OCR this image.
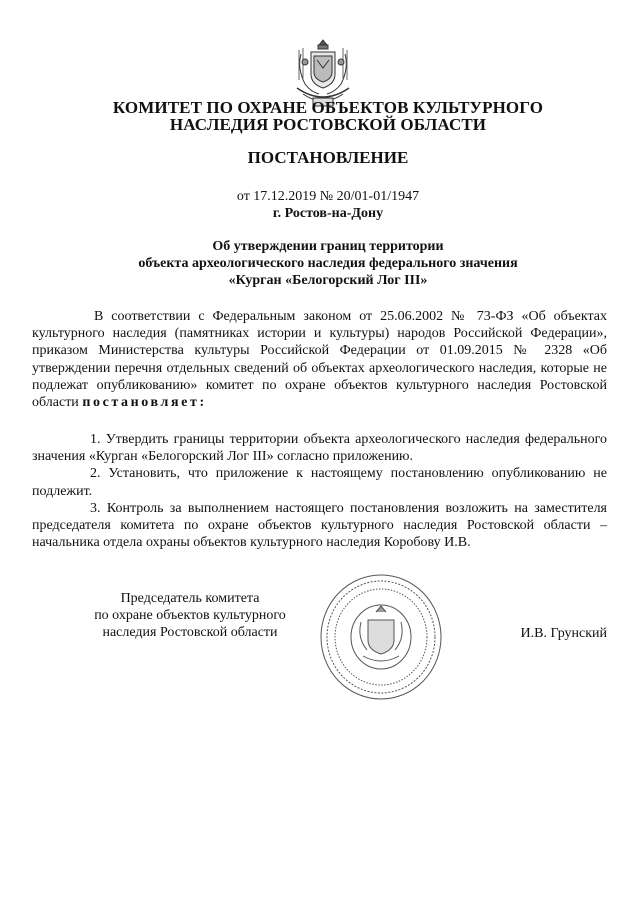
КОМИТЕТ ПО ОХРАНЕ ОБЪЕКТОВ КУЛЬТУРНОГО
НАСЛЕДИЯ РОСТОВСКОЙ ОБЛАСТИ
ПОСТАНОВЛЕНИЕ
от 17.12.2019 № 20/01-01/1947
г. Ростов-на-Дону
Об утверждении границ территории
объекта археологического наследия федерального значения
«Курган «Белогорский Лог III»

В соответствии с Федеральным законом от 25.06.2002 № 73-ФЗ «Об объектах культурного наследия (памятниках истории и культуры) народов Российской Федерации», приказом Министерства культуры Российской Федерации от 01.09.2015 № 2328 «Об утверждении перечня отдельных сведений об объектах археологического наследия, которые не подлежат опубликованию» комитет по охране объектов культурного наследия Ростовской области постановляет:

1. Утвердить границы территории объекта археологического наследия федерального значения «Курган «Белогорский Лог III» согласно приложению.

2. Установить, что приложение к настоящему постановлению опубликованию не подлежит.

3. Контроль за выполнением настоящего постановления возложить на заместителя председателя комитета по охране объектов культурного наследия Ростовской области – начальника отдела охраны объектов культурного наследия Коробову И.В.

Председатель комитета
по охране объектов культурного
наследия Ростовской области	И.В. Грунский
